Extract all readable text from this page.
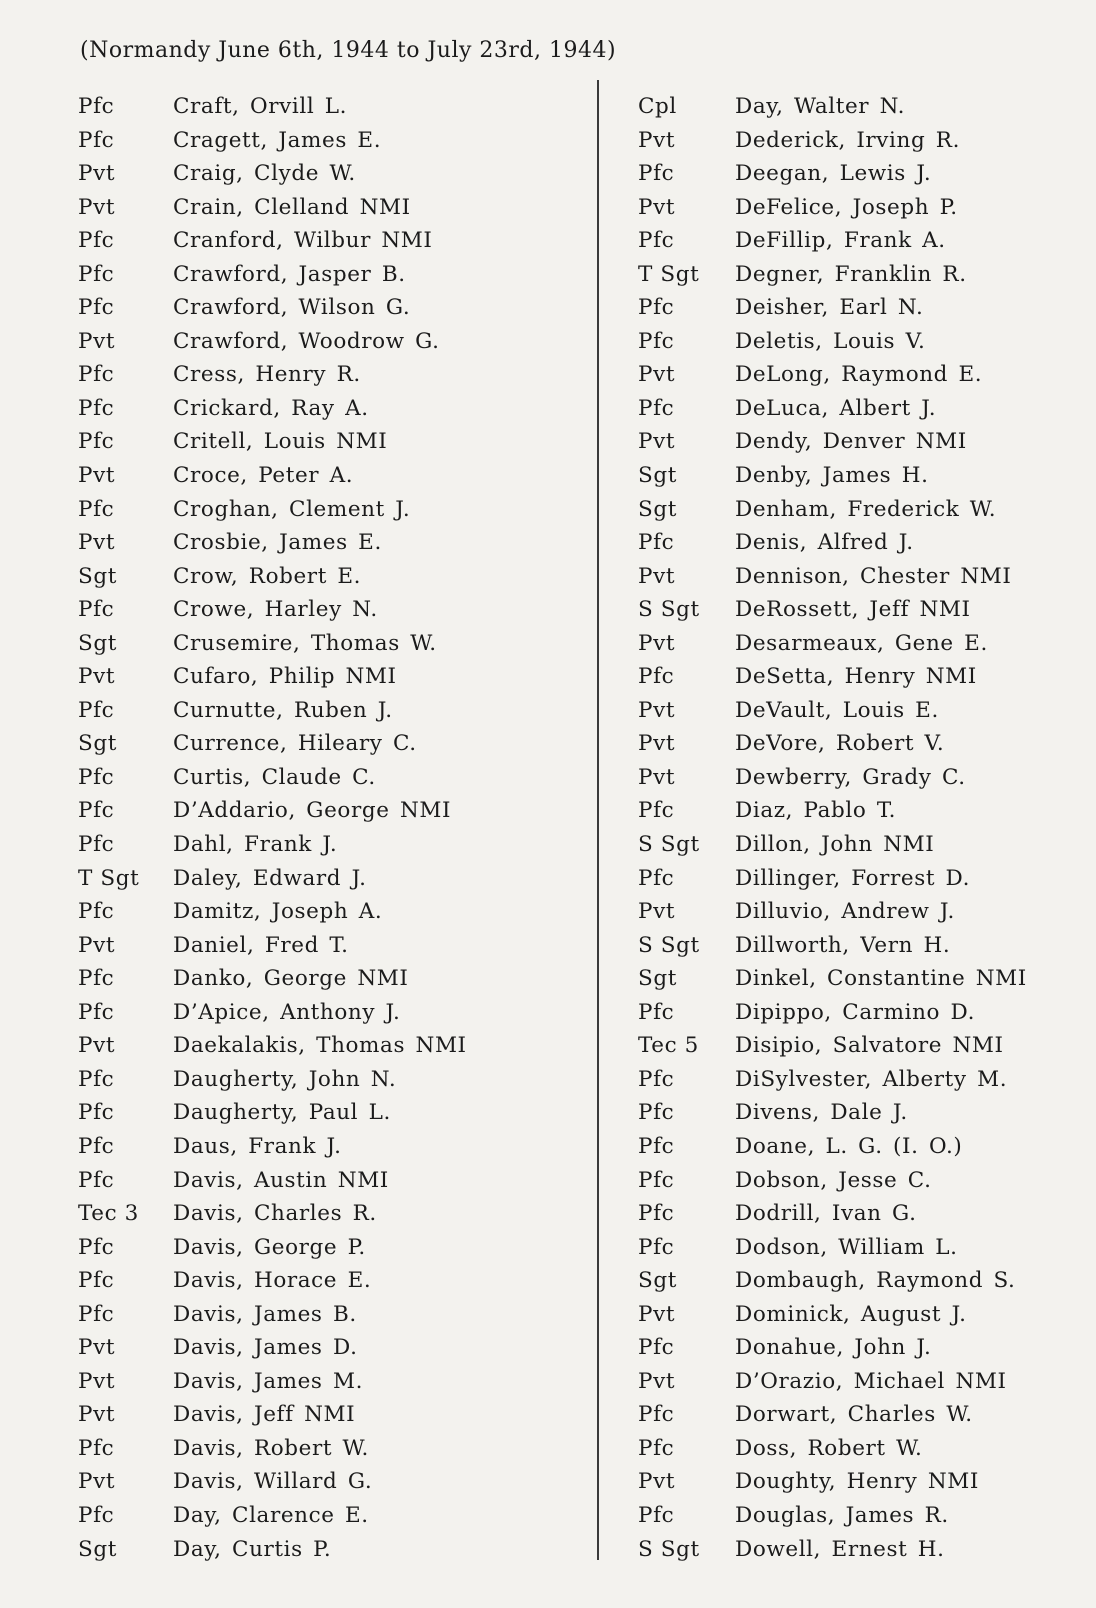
(Normandy June 6th, 1944 to July 23rd, 1944)
Pfc	Craft, Orvill L.
Pfc	Cragett, James E.
Pvt	Craig, Clyde W.
Pvt	Crain, Clelland NMI
Pfc	Cranford, Wilbur NMI
Pfc	Crawford, Jasper B.
Pfc	Crawford, Wilson G.
Pvt	Crawford, Woodrow G.
Pfc	Cress, Henry R.
Pfc	Crickard, Ray A.
Pfc	Critell, Louis NMI
Pvt	Croce, Peter A.
Pfc	Croghan, Clement J.
Pvt	Crosbie, James E.
Sgt	Crow, Robert E.
Pfc	Crowe, Harley N.
Sgt	Crusemire, Thomas W.
Pvt	Cufaro, Philip NMI
Pfc	Curnutte, Ruben J.
Sgt	Currence, Hileary C.
Pfc	Curtis, Claude C.
Pfc	D’Addario, George NMI
Pfc	Dahl, Frank J.
T Sgt	Daley, Edward J.
Pfc	Damitz, Joseph A.
Pvt	Daniel, Fred T.
Pfc	Danko, George NMI
Pfc	D’Apice, Anthony J.
Pvt	Daekalakis, Thomas NMI
Pfc	Daugherty, John N.
Pfc	Daugherty, Paul L.
Pfc	Daus, Frank J.
Pfc	Davis, Austin NMI
Tec 3	Davis, Charles R.
Pfc	Davis, George P.
Pfc	Davis, Horace E.
Pfc	Davis, James B.
Pvt	Davis, James D.
Pvt	Davis, James M.
Pvt	Davis, Jeff NMI
Pfc	Davis, Robert W.
Pvt	Davis, Willard G.
Pfc	Day, Clarence E.
Sgt	Day, Curtis P.
Cpl	Day, Walter N.
Pvt	Dederick, Irving R.
Pfc	Deegan, Lewis J.
Pvt	DeFelice, Joseph P.
Pfc	DeFillip, Frank A.
T Sgt	Degner, Franklin R.
Pfc	Deisher, Earl N.
Pfc	Deletis, Louis V.
Pvt	DeLong, Raymond E.
Pfc	DeLuca, Albert J.
Pvt	Dendy, Denver NMI
Sgt	Denby, James H.
Sgt	Denham, Frederick W.
Pfc	Denis, Alfred J.
Pvt	Dennison, Chester NMI
S Sgt	DeRossett, Jeff NMI
Pvt	Desarmeaux, Gene E.
Pfc	DeSetta, Henry NMI
Pvt	DeVault, Louis E.
Pvt	DeVore, Robert V.
Pvt	Dewberry, Grady C.
Pfc	Diaz, Pablo T.
S Sgt	Dillon, John NMI
Pfc	Dillinger, Forrest D.
Pvt	Dilluvio, Andrew J.
S Sgt	Dillworth, Vern H.
Sgt	Dinkel, Constantine NMI
Pfc	Dipippo, Carmino D.
Tec 5	Disipio, Salvatore NMI
Pfc	DiSylvester, Alberty M.
Pfc	Divens, Dale J.
Pfc	Doane, L. G. (I. O.)
Pfc	Dobson, Jesse C.
Pfc	Dodrill, Ivan G.
Pfc	Dodson, William L.
Sgt	Dombaugh, Raymond S.
Pvt	Dominick, August J.
Pfc	Donahue, John J.
Pvt	D’Orazio, Michael NMI
Pfc	Dorwart, Charles W.
Pfc	Doss, Robert W.
Pvt	Doughty, Henry NMI
Pfc	Douglas, James R.
S Sgt	Dowell, Ernest H.
